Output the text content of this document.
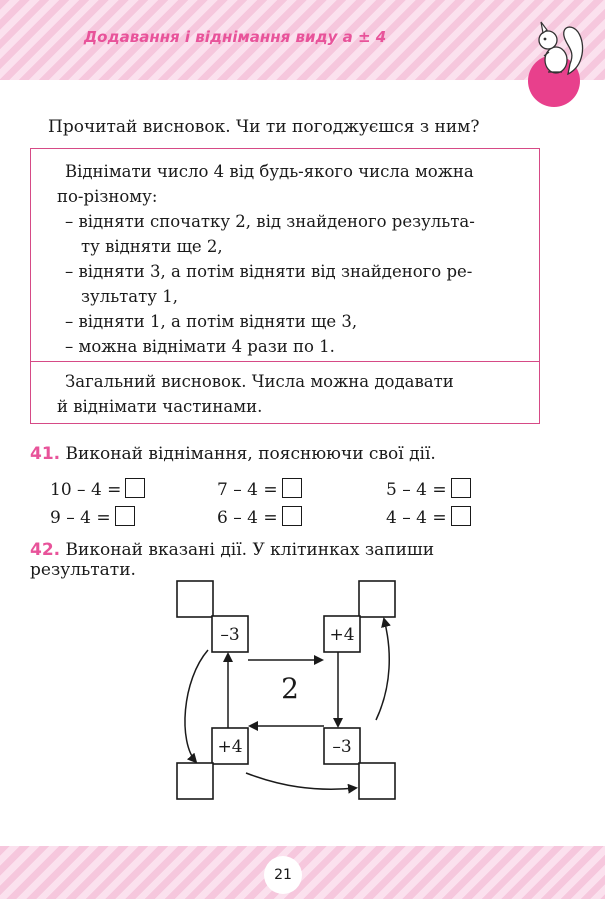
Додавання і віднімання виду a ± 4
Прочитай висновок. Чи ти погоджуєшся з ним?
Віднімати число 4 від будь-якого числа можна
по-різному:
– відняти спочатку 2, від знайденого результа-
ту відняти ще 2,
– відняти 3, а потім відняти від знайденого ре-
зультату 1,
– відняти 1, а потім відняти ще 3,
– можна віднімати 4 рази по 1.
Загальний висновок. Числа можна додавати
й віднімати частинами.
41. Виконай віднімання, пояснюючи свої дії.
10 – 4 =	7 – 4 =	5 – 4 =
9 – 4 =	6 – 4 =	4 – 4 =
42. Виконай вказані дії. У клітинках запиши
результати.
–3	+4
+4	–3
2
21
